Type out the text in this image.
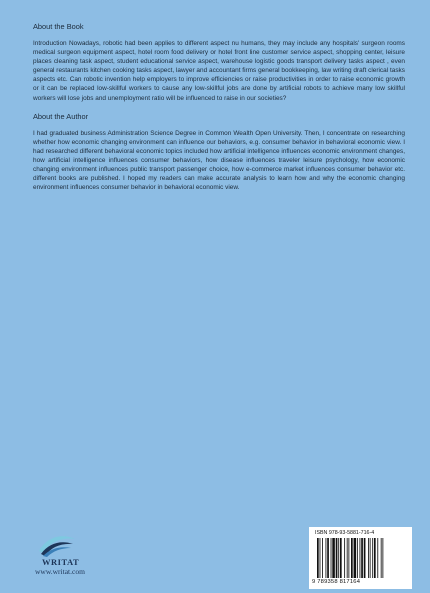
About the Book

Introduction Nowadays, robotic had been applies to different aspect nu humans, they may include any hospitals' surgeon rooms medical surgeon equipment aspect, hotel room food delivery or hotel front line customer service aspect, shopping center, leisure places cleaning task aspect, student educational service aspect, warehouse logistic goods transport delivery tasks aspect , even general restaurants kitchen cooking tasks aspect, lawyer and accountant firms general bookkeeping, law writing draft clerical tasks aspects etc. Can robotic invention help employers to improve efficiencies or raise productivities in order to raise economic growth or it can be replaced low-skillful workers to cause any low-skillful jobs are done by artificial robots to achieve many low skillful workers will lose jobs and unemployment ratio will be influenced to raise in our societies?

About the Author

I had graduated business Administration Science Degree in Common Wealth Open University. Then, I concentrate on researching whether how economic changing environment can influence our behaviors, e.g. consumer behavior in behavioral economic view. I had researched different behavioral economic topics included how artificial intelligence influences economic environment changes, how artificial intelligence influences consumer behaviors, how disease influences traveler leisure psychology, how economic changing environment influences public transport passenger choice, how e-commerce market influences consumer behavior etc. different books are published. I hoped my readers can make accurate analysis to learn how and why the economic changing environment influences consumer behavior in behavioral economic view.

WRITAT
www.writat.com
ISBN 978-93-5881-716-4
9 789358 817164
